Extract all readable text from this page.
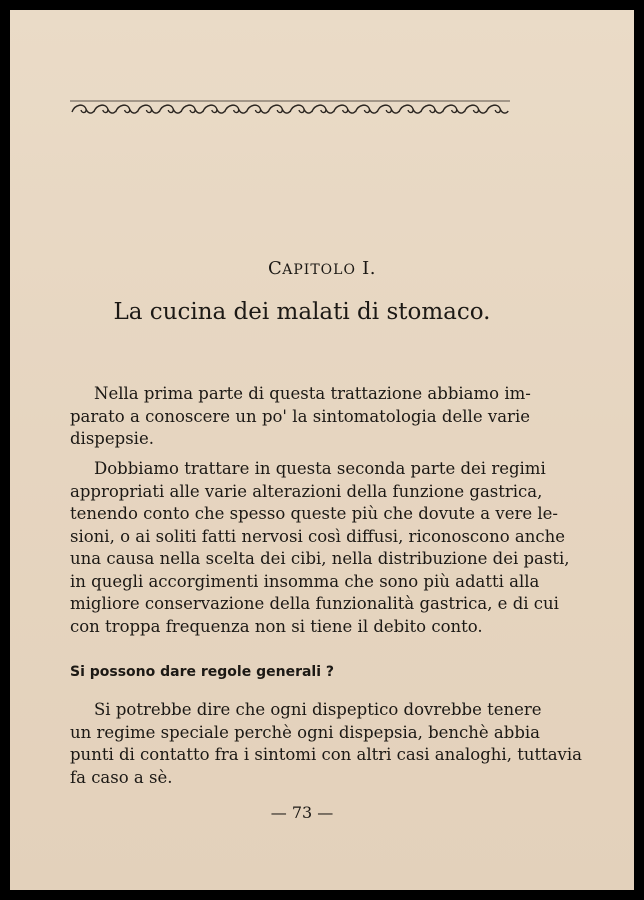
CAPITOLO I.
La cucina dei malati di stomaco.
Nella prima parte di questa trattazione abbiamo im-
parato a conoscere un po' la sintomatologia delle varie
dispepsie.
Dobbiamo trattare in questa seconda parte dei regimi
appropriati alle varie alterazioni della funzione gastrica,
tenendo conto che spesso queste più che dovute a vere le-
sioni, o ai soliti fatti nervosi così diffusi, riconoscono anche
una causa nella scelta dei cibi, nella distribuzione dei pasti,
in quegli accorgimenti insomma che sono più adatti alla
migliore conservazione della funzionalità gastrica, e di cui
con troppa frequenza non si tiene il debito conto.
Si possono dare regole generali ?
Si potrebbe dire che ogni dispeptico dovrebbe tenere
un regime speciale perchè ogni dispepsia, benchè abbia
punti di contatto fra i sintomi con altri casi analoghi, tuttavia
fa caso a sè.
— 73 —
